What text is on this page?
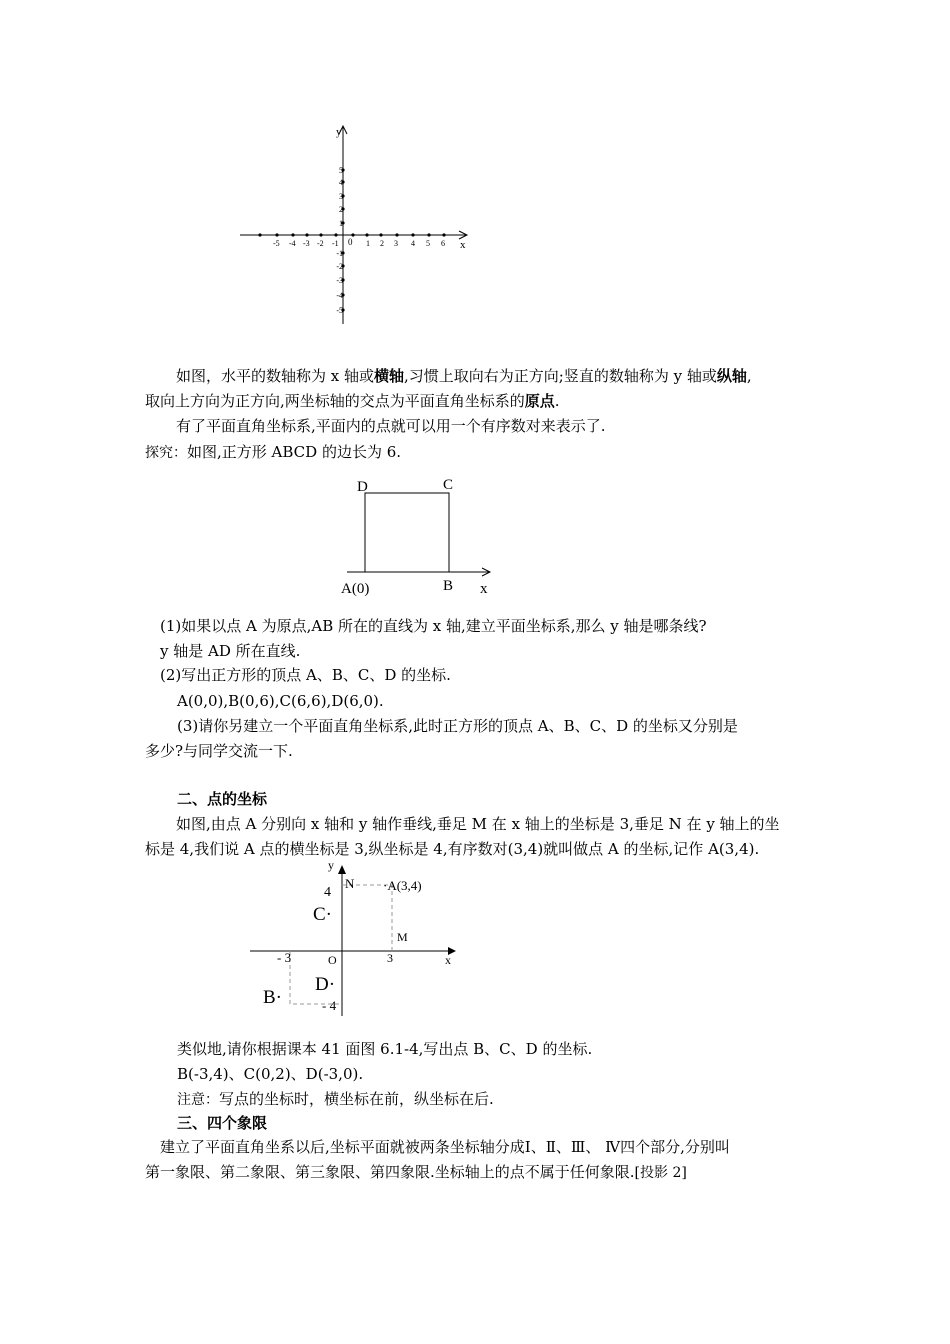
y
x
0
-5 -4 -3 -2 -1	1 2 3 4 5 6
5
4
3
2
1
-1
-2
-3
-4
-5
如图，水平的数轴称为 x 轴或横轴,习惯上取向右为正方向;竖直的数轴称为 y 轴或纵轴,
取向上方向为正方向,两坐标轴的交点为平面直角坐标系的原点.
有了平面直角坐标系,平面内的点就可以用一个有序数对来表示了.
探究：如图,正方形 ABCD 的边长为 6.
D	C
A(0)	B x
(1)如果以点 A 为原点,AB 所在的直线为 x 轴,建立平面坐标系,那么 y 轴是哪条线?
y 轴是 AD 所在直线.
(2)写出正方形的顶点 A、B、C、D 的坐标.
A(0,0),B(0,6),C(6,6),D(6,0).
(3)请你另建立一个平面直角坐标系,此时正方形的顶点 A、B、C、D 的坐标又分别是
多少?与同学交流一下.
二、点的坐标
如图,由点 A 分别向 x 轴和 y 轴作垂线,垂足 M 在 x 轴上的坐标是 3,垂足 N 在 y 轴上的坐
标是 4,我们说 A 点的横坐标是 3,纵坐标是 4,有序数对(3,4)就叫做点 A 的坐标,记作 A(3,4).
y
x
N
4	·A(3,4)
C·
M
- 3	O	3
D·
B·	- 4
类似地,请你根据课本 41 面图 6.1-4,写出点 B、C、D 的坐标.
B(-3,4)、C(0,2)、D(-3,0).
注意：写点的坐标时，横坐标在前，纵坐标在后.
三、四个象限
建立了平面直角坐系以后,坐标平面就被两条坐标轴分成Ⅰ、Ⅱ、Ⅲ、 Ⅳ四个部分,分别叫
第一象限、第二象限、第三象限、第四象限.坐标轴上的点不属于任何象限.[投影 2]
